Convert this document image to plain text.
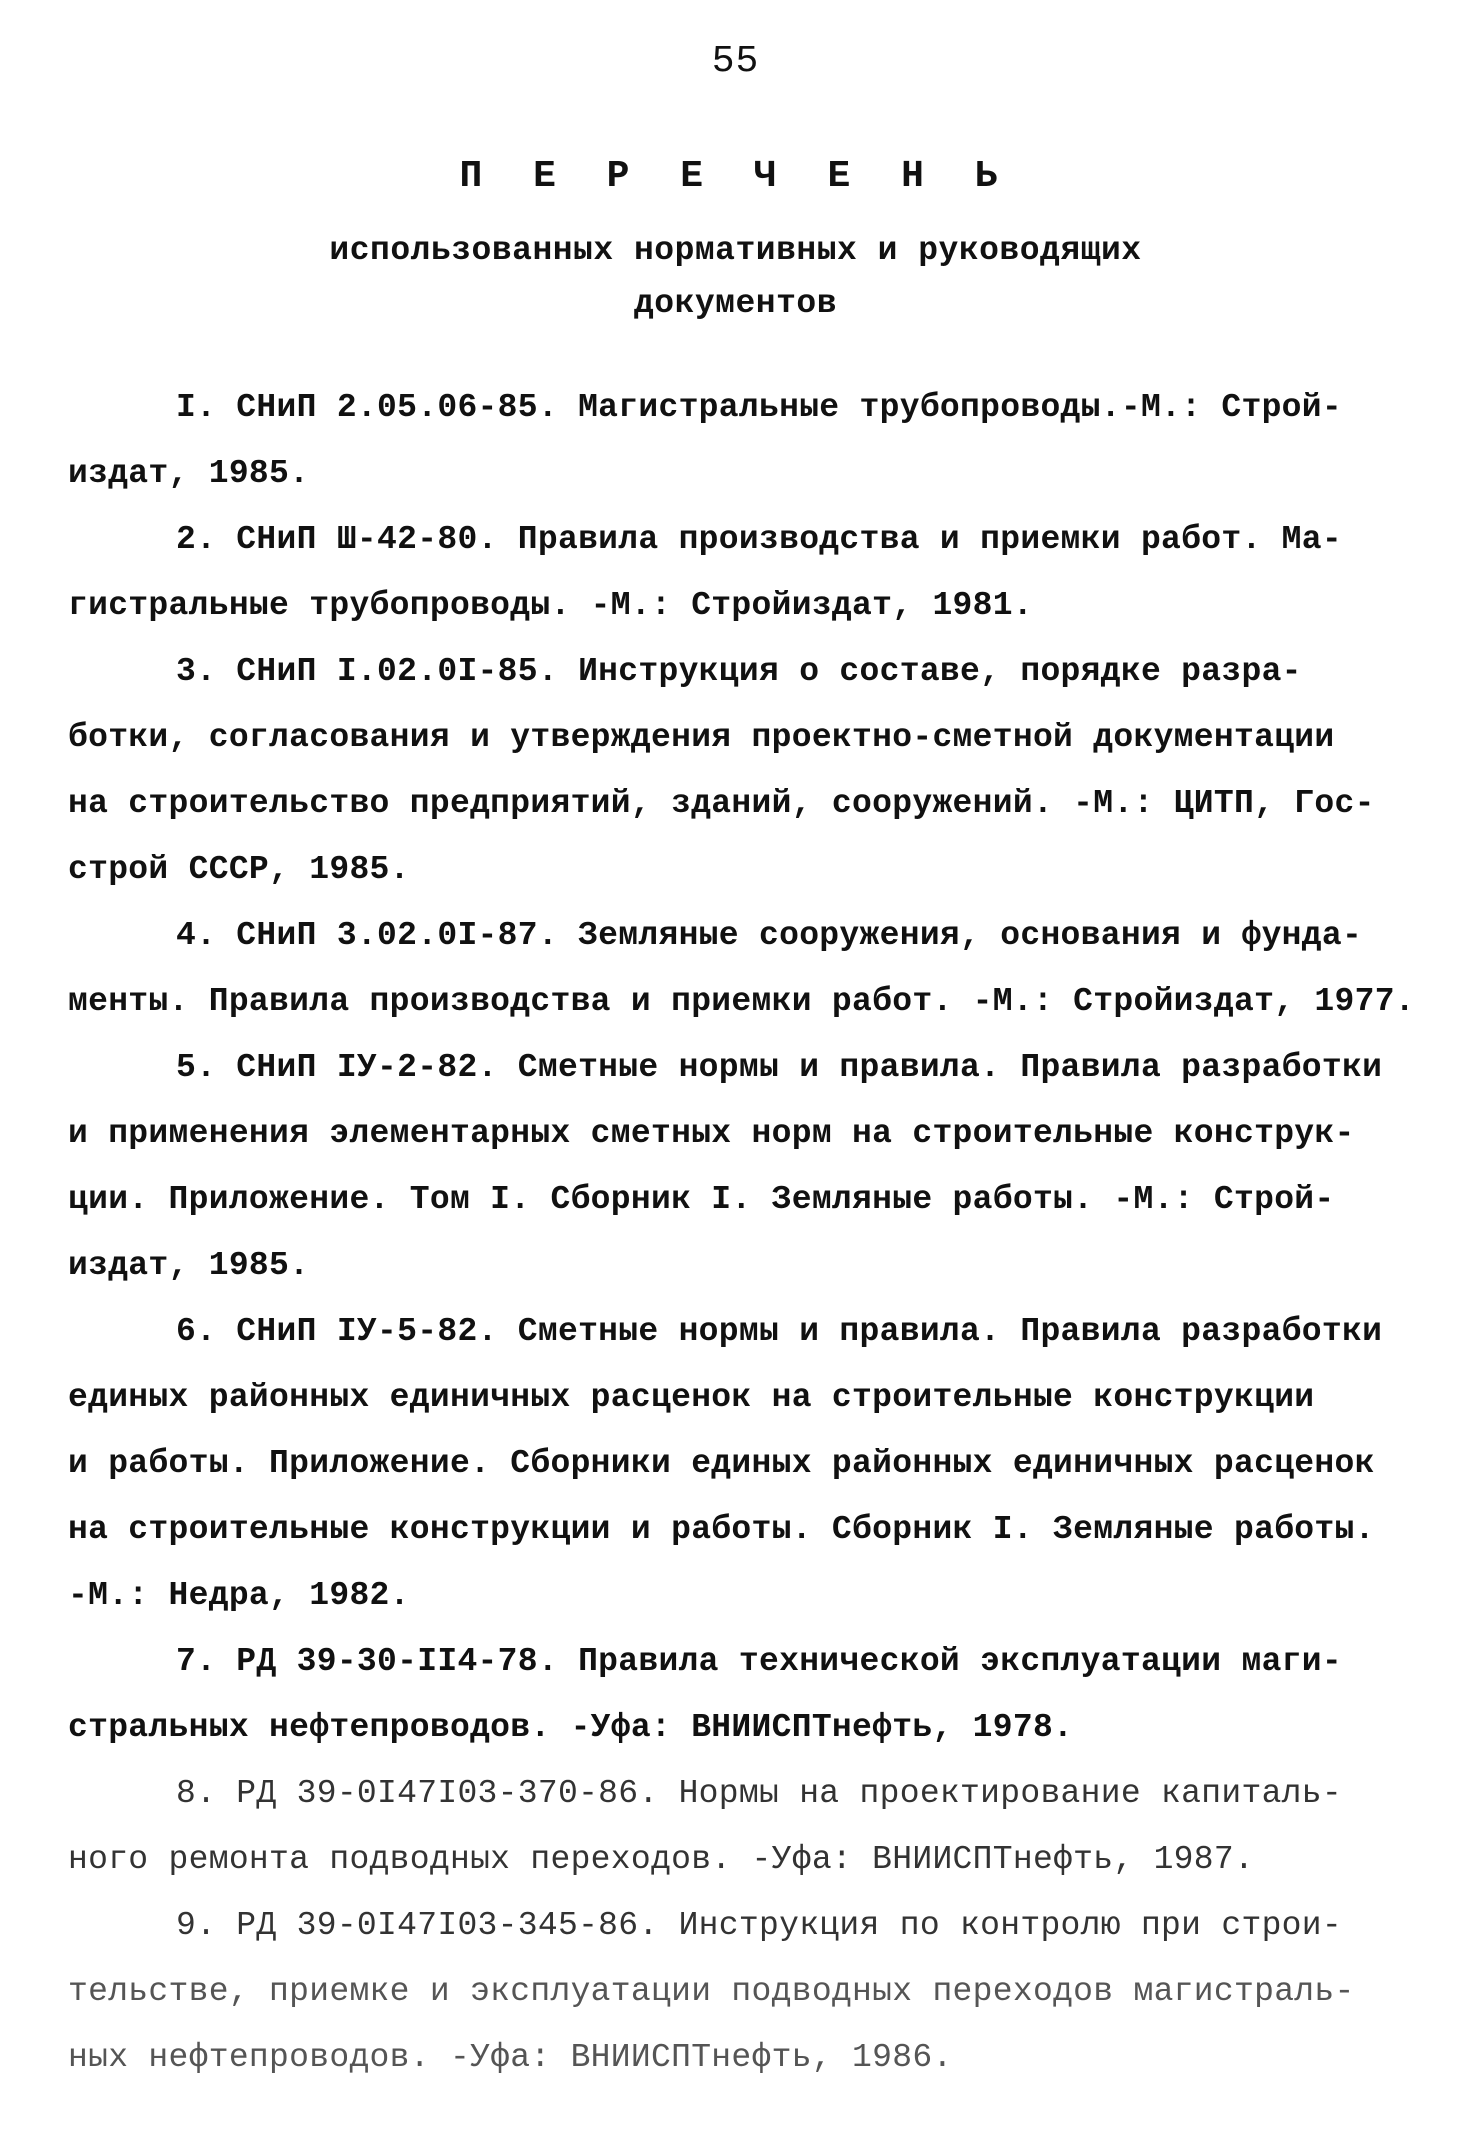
55
П Е Р Е Ч Е Н Ь
использованных нормативных и руководящих
документов
I. СНиП 2.05.06-85. Магистральные трубопроводы.-М.: Строй-
издат, 1985.
2. СНиП Ш-42-80. Правила производства и приемки работ. Ма-
гистральные трубопроводы. -М.: Стройиздат, 1981.
3. СНиП I.02.0I-85. Инструкция о составе, порядке разра-
ботки, согласования и утверждения проектно-сметной документации
на строительство предприятий, зданий, сооружений. -М.: ЦИТП, Гос-
строй СССР, 1985.
4. СНиП 3.02.0I-87. Земляные сооружения, основания и фунда-
менты. Правила производства и приемки работ. -М.: Стройиздат, 1977.
5. СНиП IУ-2-82. Сметные нормы и правила. Правила разработки
и применения элементарных сметных норм на строительные конструк-
ции. Приложение. Том I. Сборник I. Земляные работы. -М.: Строй-
издат, 1985.
6. СНиП IУ-5-82. Сметные нормы и правила. Правила разработки
единых районных единичных расценок на строительные конструкции
и работы. Приложение. Сборники единых районных единичных расценок
на строительные конструкции и работы. Сборник I. Земляные работы.
-М.: Недра, 1982.
7. РД 39-30-II4-78. Правила технической эксплуатации маги-
стральных нефтепроводов. -Уфа: ВНИИСПТнефть, 1978.
8. РД 39-0I47I03-370-86. Нормы на проектирование капиталь-
ного ремонта подводных переходов. -Уфа: ВНИИСПТнефть, 1987.
9. РД 39-0I47I03-345-86. Инструкция по контролю при строи-
тельстве, приемке и эксплуатации подводных переходов магистраль-
ных нефтепроводов. -Уфа: ВНИИСПТнефть, 1986.
